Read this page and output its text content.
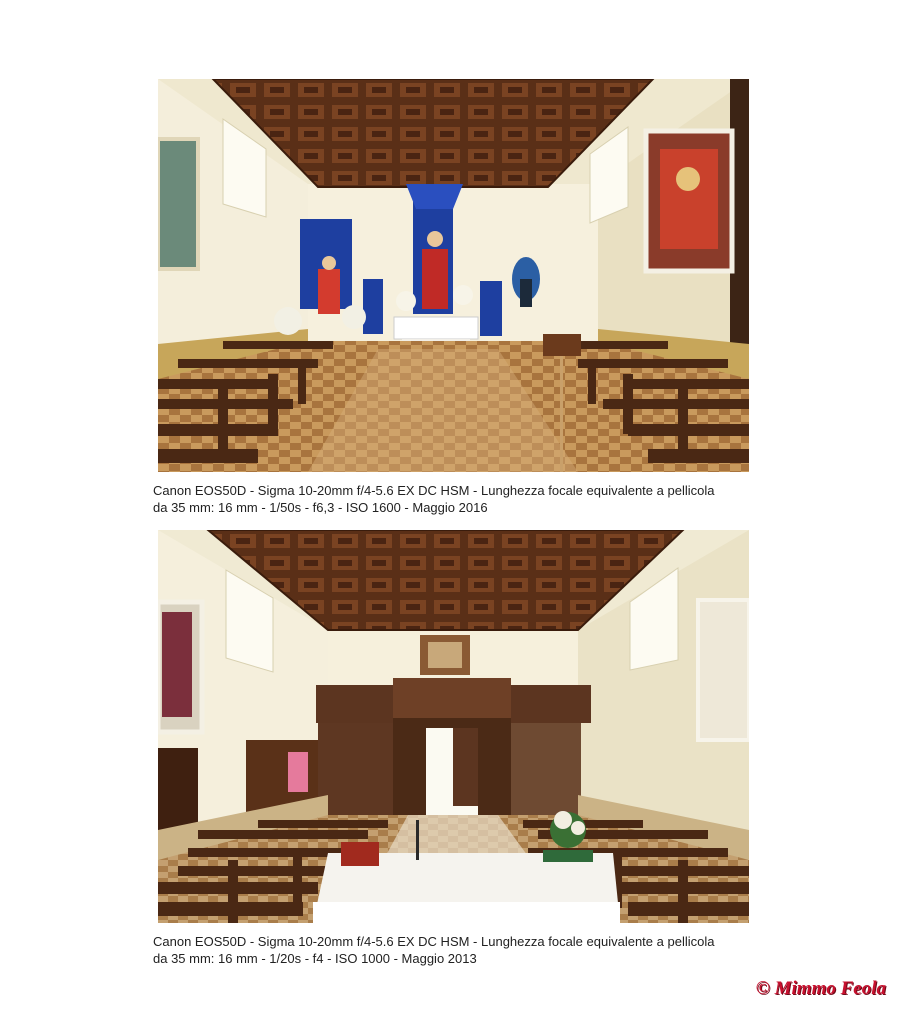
Canon EOS50D - Sigma 10-20mm f/4-5.6 EX DC HSM - Lunghezza focale equivalente a pellicola
da 35 mm: 16 mm - 1/50s - f6,3 - ISO 1600 - Maggio 2016
Canon EOS50D - Sigma 10-20mm f/4-5.6 EX DC HSM - Lunghezza focale equivalente a pellicola
da 35 mm: 16 mm - 1/20s - f4 - ISO 1000 - Maggio 2013
© Mimmo Feola
